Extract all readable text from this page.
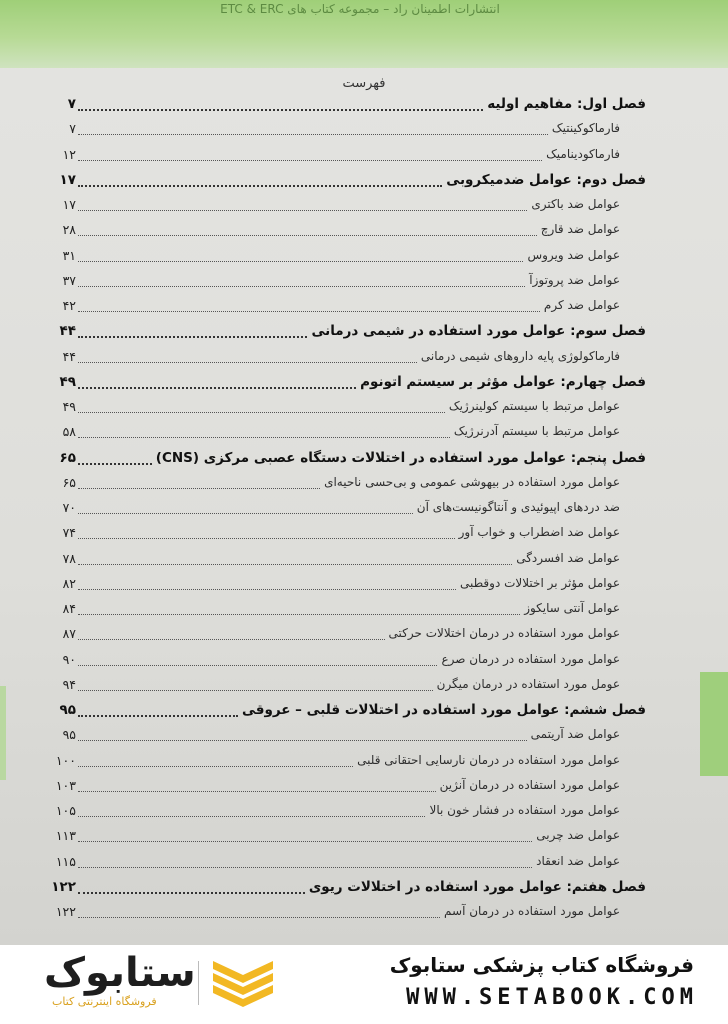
انتشارات اطمینان راد – مجموعه کتاب های ETC & ERC
فهرست
فصل اول: مفاهیم اولیه
۷
فارماکوکینتیک
۷
فارماکودینامیک
۱۲
فصل دوم: عوامل ضدمیکروبی
۱۷
عوامل ضد باکتری
۱۷
عوامل ضد قارچ
۲۸
عوامل ضد ویروس
۳۱
عوامل ضد پروتوزآ
۳۷
عوامل ضد کرم
۴۲
فصل سوم: عوامل مورد استفاده در شیمی درمانی
۴۴
فارماکولوژی پایه داروهای شیمی درمانی
۴۴
فصل چهارم: عوامل مؤثر بر سیستم اتونوم
۴۹
عوامل مرتبط با سیستم کولینرژیک
۴۹
عوامل مرتبط با سیستم آدرنرژیک
۵۸
فصل پنجم: عوامل مورد استفاده در اختلالات دستگاه عصبی مرکزی (CNS)
۶۵
عوامل مورد استفاده در بیهوشی عمومی و بی‌حسی ناحیه‌ای
۶۵
ضد دردهای اپیوئیدی و آنتاگونیست‌های آن
۷۰
عوامل ضد اضطراب و خواب آور
۷۴
عوامل ضد افسردگی
۷۸
عوامل مؤثر بر اختلالات دوقطبی
۸۲
عوامل آنتی سایکوز
۸۴
عوامل مورد استفاده در درمان اختلالات حرکتی
۸۷
عوامل مورد استفاده در درمان صرع
۹۰
عومل مورد استفاده در درمان میگرن
۹۴
فصل ششم: عوامل مورد استفاده در اختلالات قلبی – عروقی
۹۵
عوامل ضد آریتمی
۹۵
عوامل مورد استفاده در درمان نارسایی احتقانی قلبی
۱۰۰
عوامل مورد استفاده در درمان آنژین
۱۰۳
عوامل مورد استفاده در فشار خون بالا
۱۰۵
عوامل ضد چربی
۱۱۳
عوامل ضد انعقاد
۱۱۵
فصل هفتم: عوامل مورد استفاده در اختلالات ریوی
۱۲۲
عوامل مورد استفاده در درمان آسم
۱۲۲
فروشگاه کتاب پزشکی ستابوک
WWW.SETABOOK.COM
ستابوک
فروشگاه اینترنتی کتاب
